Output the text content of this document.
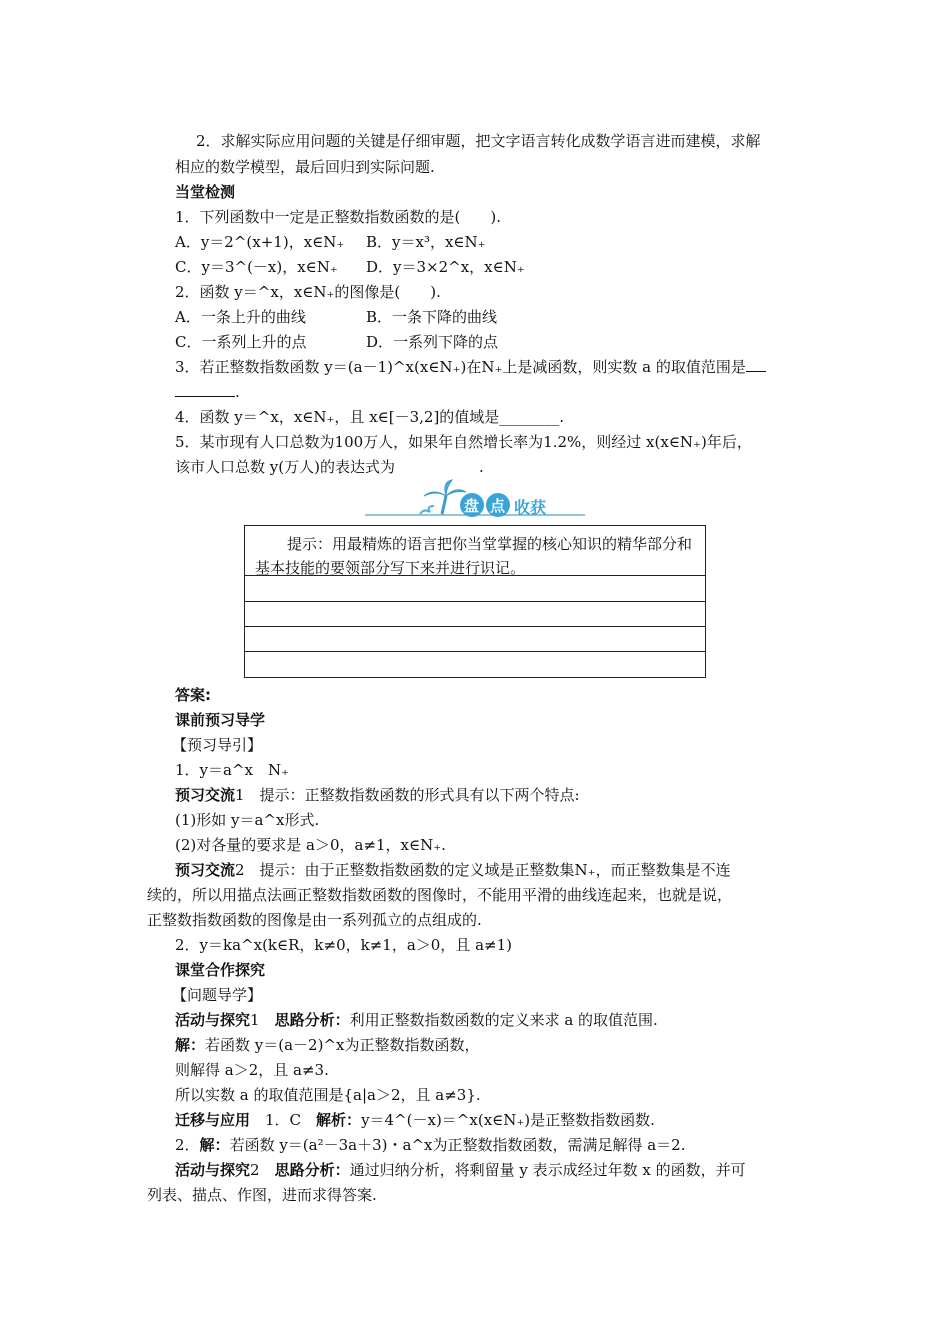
2．求解实际应用问题的关键是仔细审题，把文字语言转化成数学语言进而建模，求解
相应的数学模型，最后回归到实际问题.
当堂检测
1．下列函数中一定是正整数指数函数的是(　　).
A．y＝2^(x+1)，x∈N₊ B．y＝x³，x∈N₊
C．y＝3^(－x)，x∈N₊ D．y＝3×2^x，x∈N₊
2．函数 y＝^x，x∈N₊的图像是(　　).
A．一条上升的曲线	B．一条下降的曲线
C．一系列上升的点	D．一系列下降的点
3．若正整数指数函数 y＝(a－1)^x(x∈N₊)在N₊上是减函数，则实数 a 的取值范围是
.
4．函数 y＝^x，x∈N₊，且 x∈[－3,2]的值域是________.
5．某市现有人口总数为100万人，如果年自然增长率为1.2%，则经过 x(x∈N₊)年后，
该市人口总数 y(万人)的表达式为	.
盘 点 收获
提示：用最精炼的语言把你当堂掌握的核心知识的精华部分和基本技能的要领部分写下来并进行识记。
答案:
课前预习导学
【预习导引】
1．y＝a^x　N₊
预习交流1　提示：正整数指数函数的形式具有以下两个特点:
(1)形如 y＝a^x形式.
(2)对各量的要求是 a＞0，a≠1，x∈N₊.
预习交流2　提示：由于正整数指数函数的定义域是正整数集N₊，而正整数集是不连
续的，所以用描点法画正整数指数函数的图像时，不能用平滑的曲线连起来，也就是说，
正整数指数函数的图像是由一系列孤立的点组成的.
2．y＝ka^x(k∈R，k≠0，k≠1，a＞0，且 a≠1)
课堂合作探究
【问题导学】
活动与探究1　思路分析：利用正整数指数函数的定义来求 a 的取值范围.
解：若函数 y＝(a－2)^x为正整数指数函数，
则解得 a＞2，且 a≠3.
所以实数 a 的取值范围是{a|a＞2，且 a≠3}.
迁移与应用　1．C　解析：y＝4^(－x)＝^x(x∈N₊)是正整数指数函数.
2．解：若函数 y＝(a²－3a＋3)・a^x为正整数指数函数，需满足解得 a＝2.
活动与探究2　思路分析：通过归纳分析，将剩留量 y 表示成经过年数 x 的函数，并可
列表、描点、作图，进而求得答案.
